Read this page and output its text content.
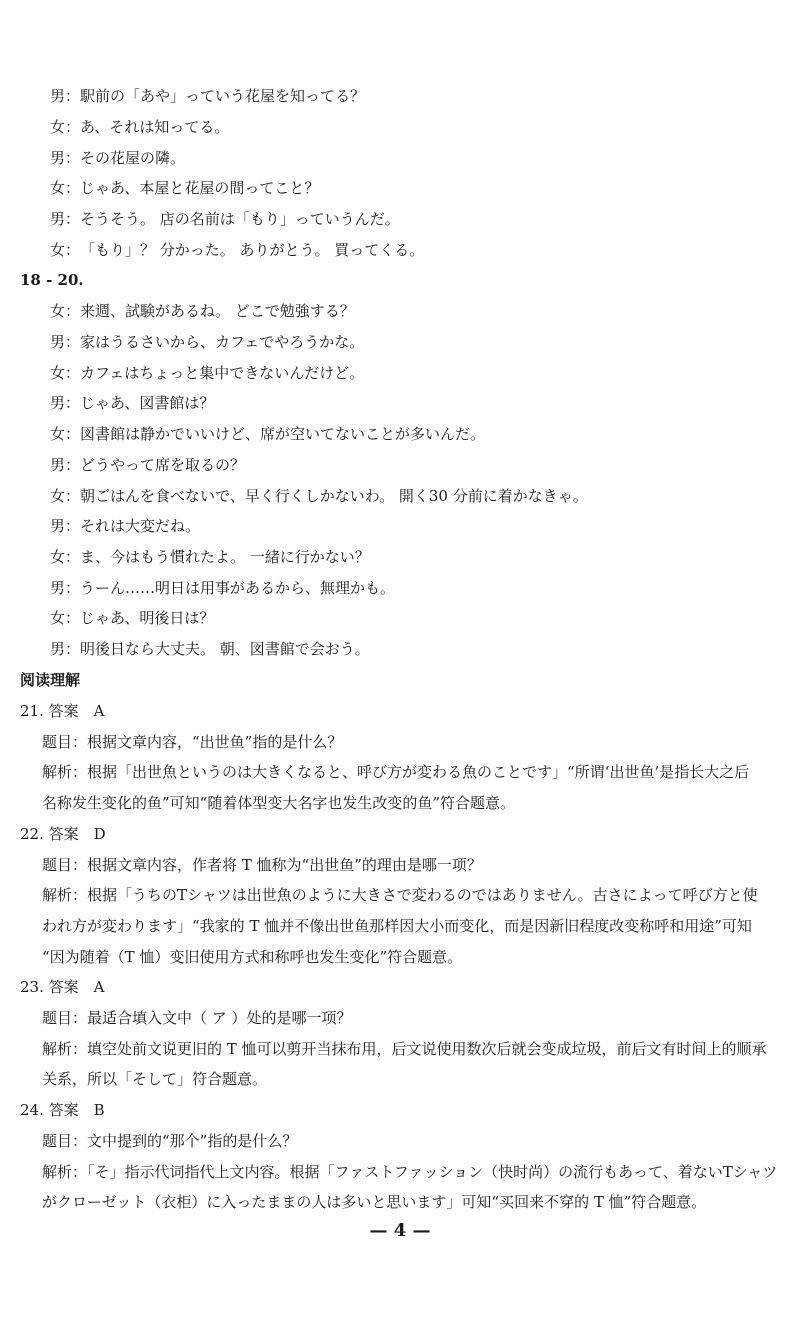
男： 駅前の「あや」っていう花屋を知ってる？
女： あ、それは知ってる。
男： その花屋の隣。
女： じゃあ、本屋と花屋の間ってこと？
男： そうそう。 店の名前は「もり」っていうんだ。
女： 「もり」？ 分かった。 ありがとう。 買ってくる。
18 - 20.
女： 来週、試験があるね。 どこで勉強する？
男： 家はうるさいから、カフェでやろうかな。
女： カフェはちょっと集中できないんだけど。
男： じゃあ、図書館は？
女： 図書館は静かでいいけど、席が空いてないことが多いんだ。
男： どうやって席を取るの？
女： 朝ごはんを食べないで、早く行くしかないわ。 開く30 分前に着かなきゃ。
男： それは大変だね。
女： ま、今はもう慣れたよ。 一緒に行かない？
男： うーん……明日は用事があるから、無理かも。
女： じゃあ、明後日は？
男： 明後日なら大丈夫。 朝、図書館で会おう。
阅读理解
21. 答案　A
题目：根据文章内容，“出世鱼”指的是什么？
解析：根据「出世魚というのは大きくなると、呼び方が変わる魚のことです」“所谓‘出世鱼’是指长大之后
名称发生变化的鱼”可知“随着体型变大名字也发生改变的鱼”符合题意。
22. 答案　D
题目：根据文章内容，作者将 T 恤称为“出世鱼”的理由是哪一项？
解析：根据「うちのTシャツは出世魚のように大きさで変わるのではありません。古さによって呼び方と使
われ方が変わります」“我家的 T 恤并不像出世鱼那样因大小而变化，而是因新旧程度改变称呼和用途”可知
“因为随着（T 恤）变旧使用方式和称呼也发生变化”符合题意。
23. 答案　A
题目：最适合填入文中（ ア ）处的是哪一项？
解析：填空处前文说更旧的 T 恤可以剪开当抹布用，后文说使用数次后就会变成垃圾，前后文有时间上的顺承
关系，所以「そして」符合题意。
24. 答案　B
题目：文中提到的“那个”指的是什么？
解析：「そ」指示代词指代上文内容。根据「ファストファッション（快时尚）の流行もあって、着ないTシャツ
がクローゼット（衣柜）に入ったままの人は多いと思います」可知“买回来不穿的 T 恤”符合题意。
— 4 —
